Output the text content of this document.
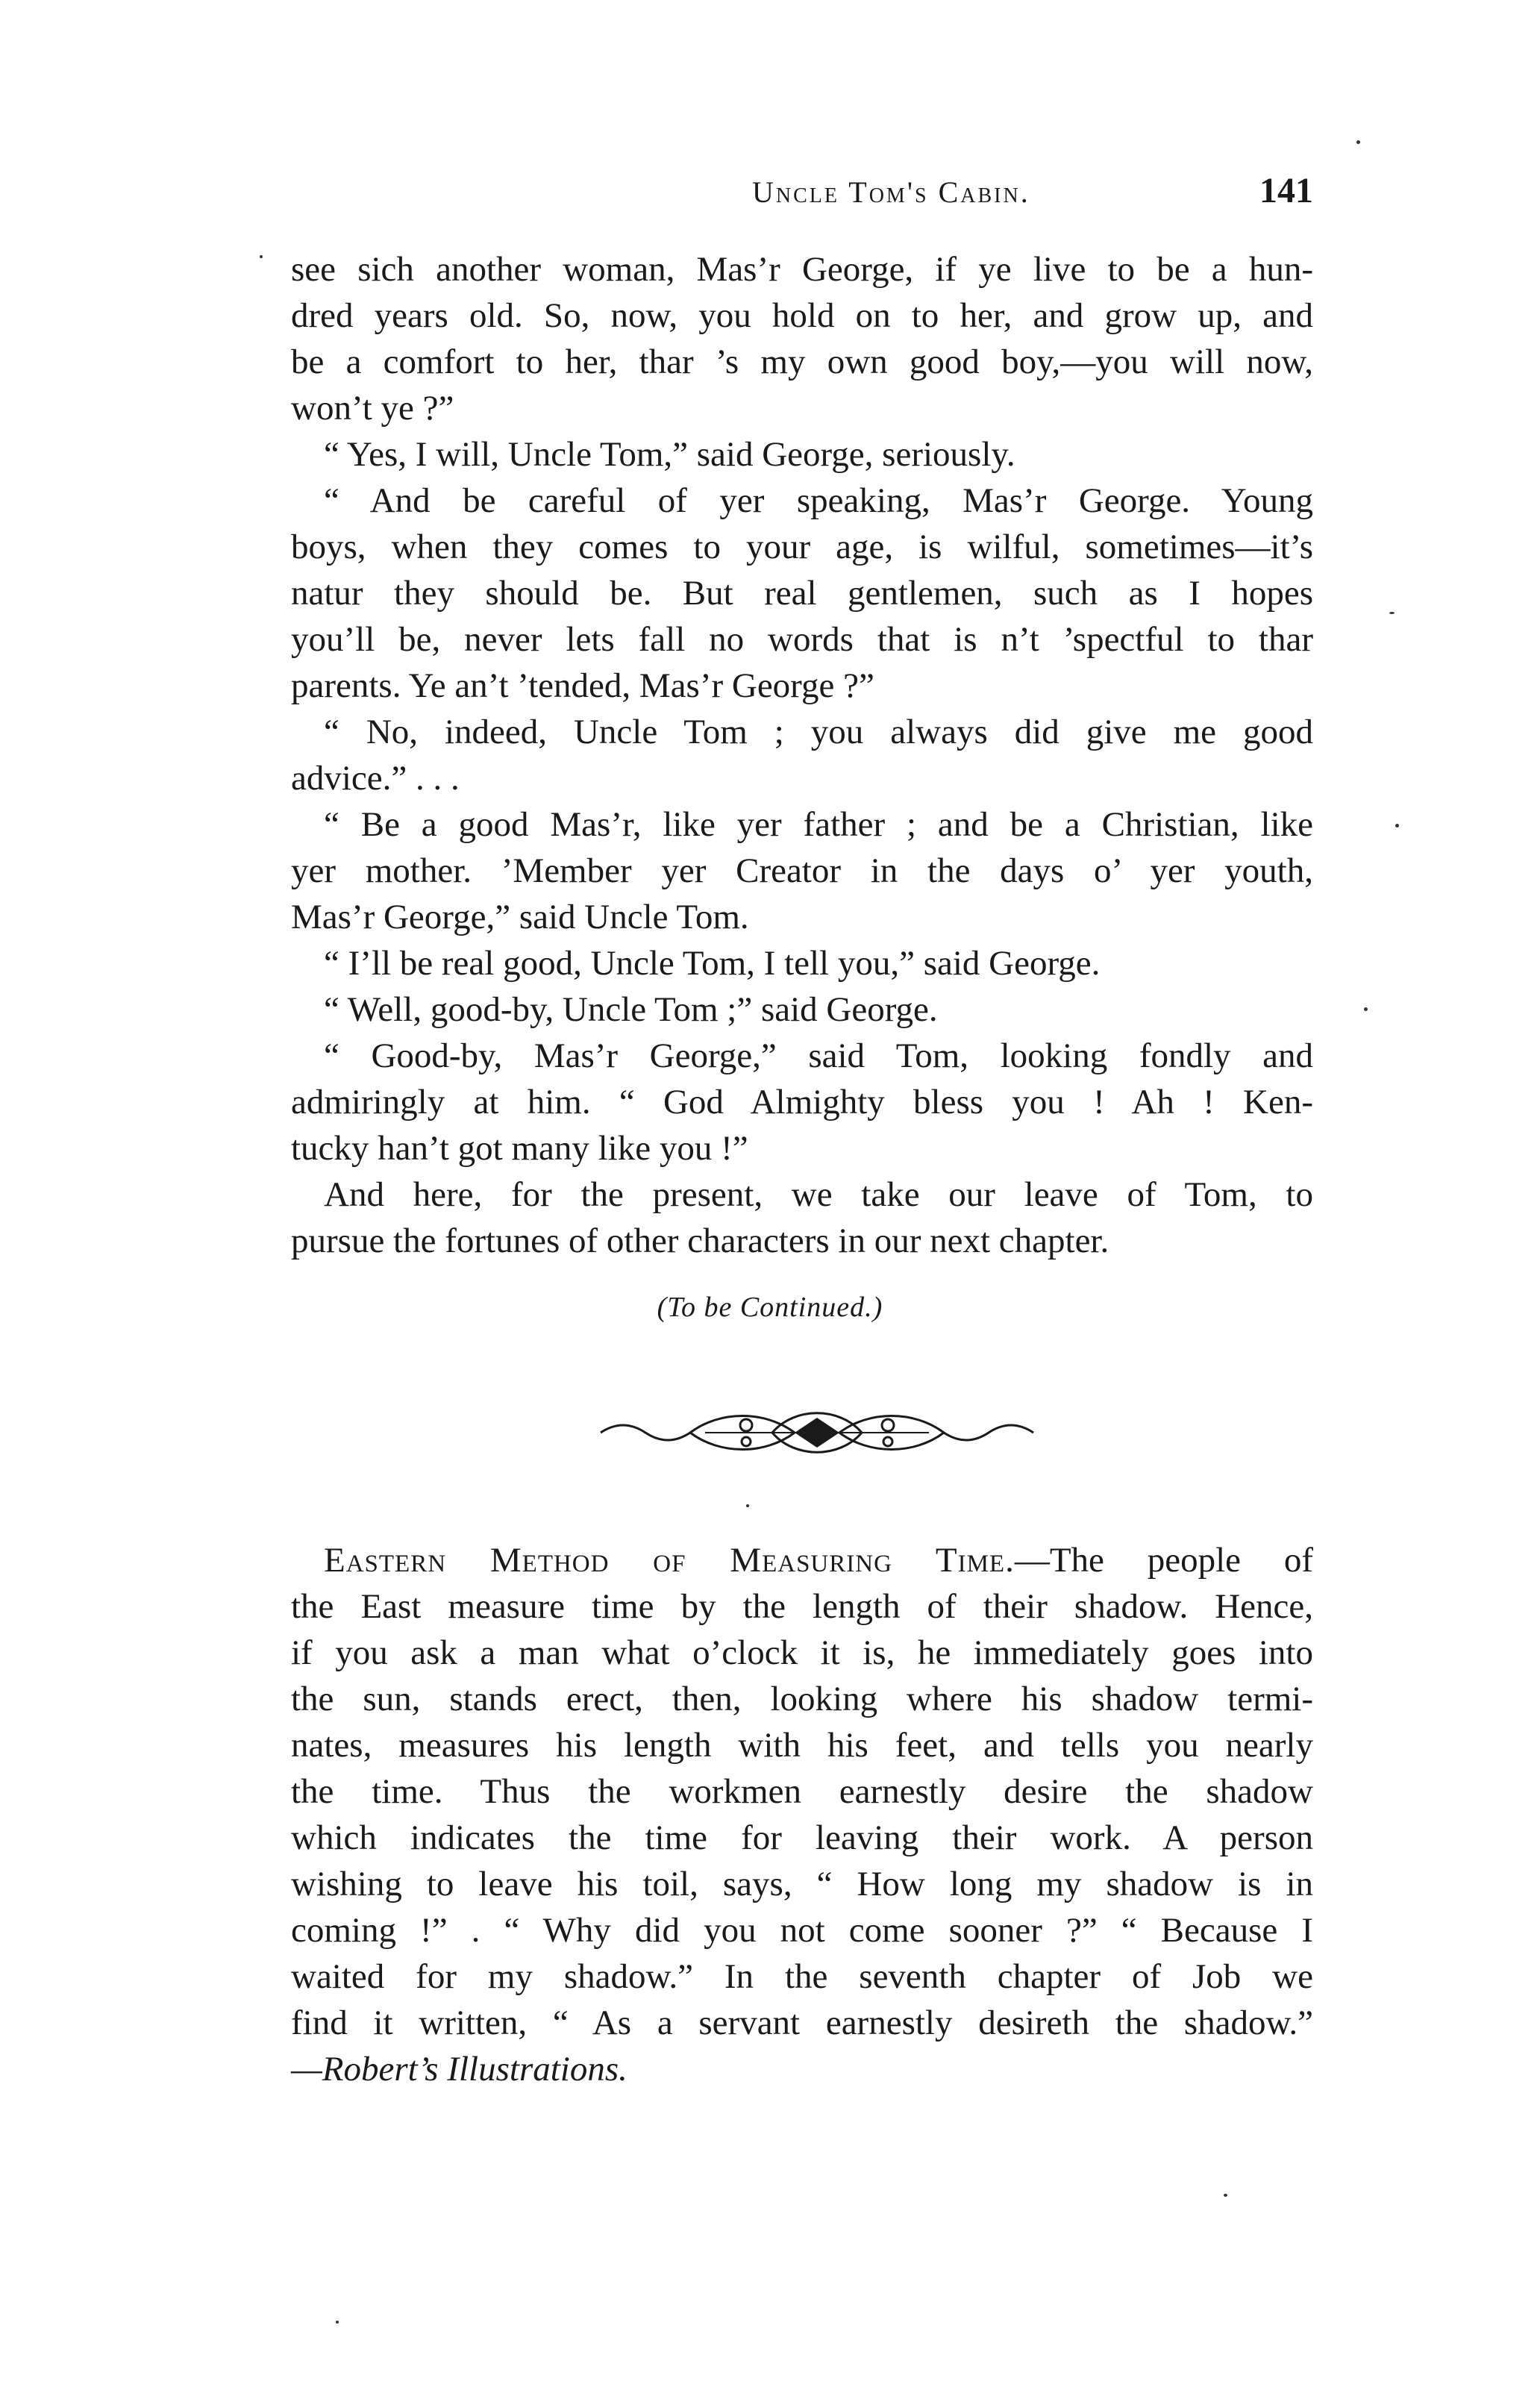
Uncle Tom's Cabin.	141
see sich another woman, Mas’r George, if ye live to be a hun-
dred years old. So, now, you hold on to her, and grow up, and
be a comfort to her, thar ’s my own good boy,—you will now,
won’t ye ?”
“ Yes, I will, Uncle Tom,” said George, seriously.
“ And be careful of yer speaking, Mas’r George. Young
boys, when they comes to your age, is wilful, sometimes—it’s
natur they should be. But real gentlemen, such as I hopes
you’ll be, never lets fall no words that is n’t ’spectful to thar
parents. Ye an’t ’tended, Mas’r George ?”
“ No, indeed, Uncle Tom ; you always did give me good
advice.” . . .
“ Be a good Mas’r, like yer father ; and be a Christian, like
yer mother. ’Member yer Creator in the days o’ yer youth,
Mas’r George,” said Uncle Tom.
“ I’ll be real good, Uncle Tom, I tell you,” said George.
“ Well, good-by, Uncle Tom ;” said George.
“ Good-by, Mas’r George,” said Tom, looking fondly and
admiringly at him. “ God Almighty bless you ! Ah ! Ken-
tucky han’t got many like you !”
And here, for the present, we take our leave of Tom, to
pursue the fortunes of other characters in our next chapter.
(To be Continued.)
Eastern Method of Measuring Time.—The people of
the East measure time by the length of their shadow. Hence,
if you ask a man what o’clock it is, he immediately goes into
the sun, stands erect, then, looking where his shadow termi-
nates, measures his length with his feet, and tells you nearly
the time. Thus the workmen earnestly desire the shadow
which indicates the time for leaving their work. A person
wishing to leave his toil, says, “ How long my shadow is in
coming !” . “ Why did you not come sooner ?” “ Because I
waited for my shadow.” In the seventh chapter of Job we
find it written, “ As a servant earnestly desireth the shadow.”
—Robert’s Illustrations.
